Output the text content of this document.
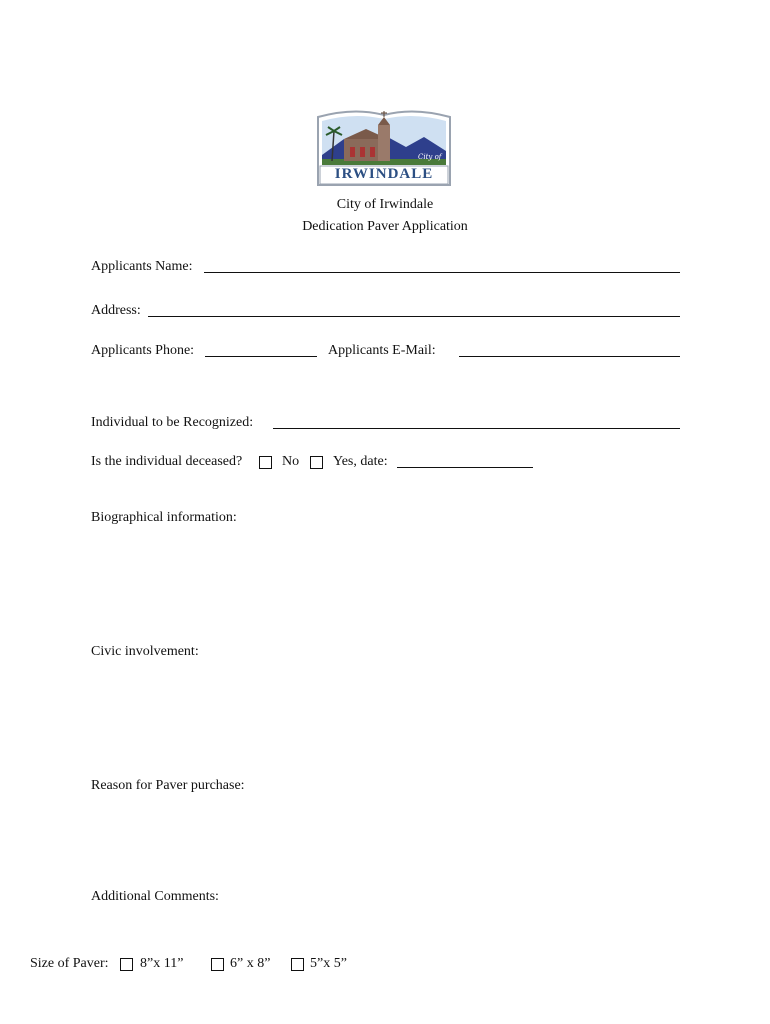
City of
IRWINDALE
City of Irwindale
Dedication Paver Application
Applicants Name:
Address:
Applicants Phone:	Applicants E-Mail:
Individual to be Recognized:
Is the individual deceased?	No Yes, date:
Biographical information:
Civic involvement:
Reason for Paver purchase:
Additional Comments:
Size of Paver: 8”x 11”	6” x 8”	5”x 5”
